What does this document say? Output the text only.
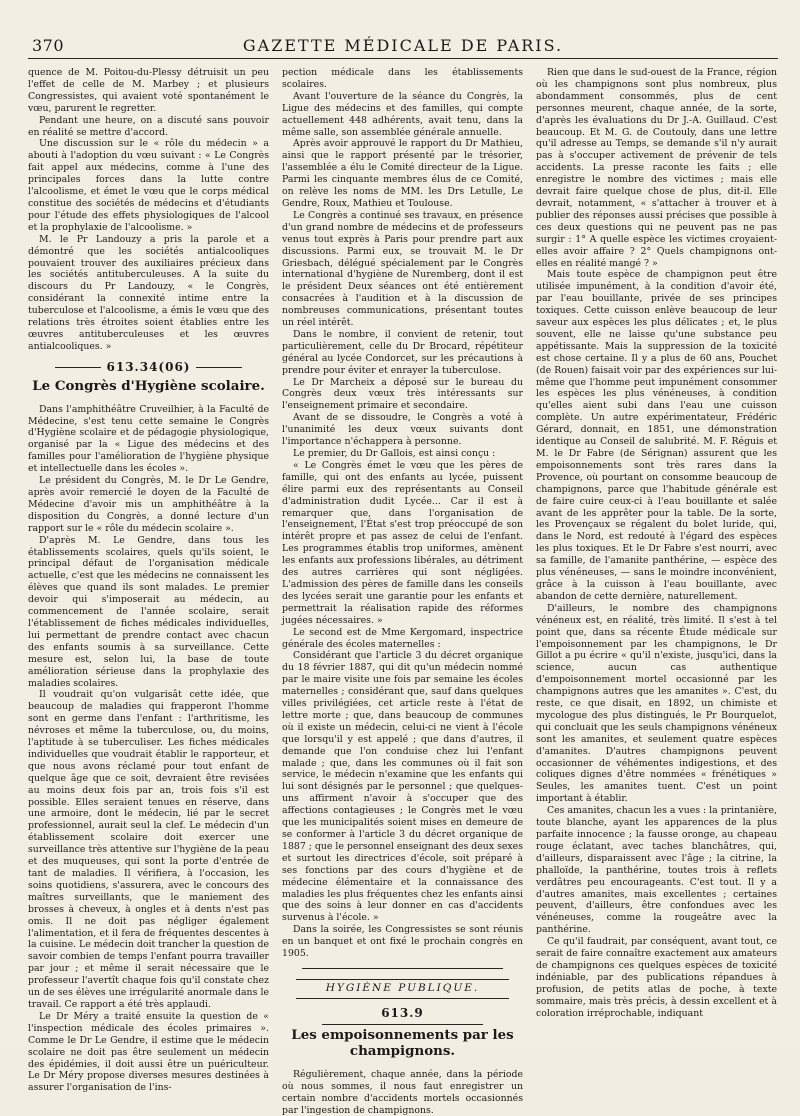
370	GAZETTE MÉDICALE DE PARIS.

quence de M. Poitou-du-Plessy détruisit un peu l'effet de celle de M. Marbey ; et plusieurs Congressistes, qui avaient voté spontanément le vœu, parurent le regretter.

Pendant une heure, on a discuté sans pouvoir en réalité se mettre d'accord.

Une discussion sur le « rôle du médecin » a abouti à l'adoption du vœu suivant : « Le Congrès fait appel aux médecins, comme à l'une des principales forces dans la lutte contre l'alcoolisme, et émet le vœu que le corps médical constitue des sociétés de médecins et d'étudiants pour l'étude des effets physiologiques de l'alcool et la prophylaxie de l'alcoolisme. »

M. le Pr Landouzy a pris la parole et a démontré que les sociétés antialcooliques pouvaient trouver des auxiliaires précieux dans les sociétés antituberculeuses. A la suite du discours du Pr Landouzy, « le Congrès, considérant la connexité intime entre la tuberculose et l'alcoolisme, a émis le vœu que des relations très étroites soient établies entre les œuvres antituberculeuses et les œuvres antialcooliques. »

613.34(06)
Le Congrès d'Hygiène scolaire.

Dans l'amphithéâtre Cruveilhier, à la Faculté de Médecine, s'est tenu cette semaine le Congrès d'Hygiène scolaire et de pédagogie physiologique, organisé par la « Ligue des médecins et des familles pour l'amélioration de l'hygiène physique et intellectuelle dans les écoles ».

Le président du Congrès, M. le Dr Le Gendre, après avoir remercié le doyen de la Faculté de Médecine d'avoir mis un amphithéâtre à la disposition du Congrès, a donné lecture d'un rapport sur le « rôle du médecin scolaire ».

D'après M. Le Gendre, dans tous les établissements scolaires, quels qu'ils soient, le principal défaut de l'organisation médicale actuelle, c'est que les médecins ne connaissent les élèves que quand ils sont malades. Le premier devoir qui s'imposerait au médecin, au commencement de l'année scolaire, serait l'établissement de fiches médicales individuelles, lui permettant de prendre contact avec chacun des enfants soumis à sa surveillance. Cette mesure est, selon lui, la base de toute amélioration sérieuse dans la prophylaxie des maladies scolaires.

Il voudrait qu'on vulgarisât cette idée, que beaucoup de maladies qui frapperont l'homme sont en germe dans l'enfant : l'arthritisme, les névroses et même la tuberculose, ou, du moins, l'aptitude à se tuberculiser. Les fiches médicales individuelles que voudrait établir le rapporteur, et que nous avons réclamé pour tout enfant de quelque âge que ce soit, devraient être revisées au moins deux fois par an, trois fois s'il est possible. Elles seraient tenues en réserve, dans une armoire, dont le médecin, lié par le secret professionnel, aurait seul la clef. Le médecin d'un établissement scolaire doit exercer une surveillance très attentive sur l'hygiène de la peau et des muqueuses, qui sont la porte d'entrée de tant de maladies. Il vérifiera, à l'occasion, les soins quotidiens, s'assurera, avec le concours des maîtres surveillants, que le maniement des brosses à cheveux, à ongles et à dents n'est pas omis. Il ne doit pas négliger également l'alimentation, et il fera de fréquentes descentes à la cuisine. Le médecin doit trancher la question de savoir combien de temps l'enfant pourra travailler par jour ; et même il serait nécessaire que le professeur l'avertît chaque fois qu'il constate chez un de ses élèves une irrégularité anormale dans le travail. Ce rapport a été très applaudi.

Le Dr Méry a traité ensuite la question de « l'inspection médicale des écoles primaires ». Comme le Dr Le Gendre, il estime que le médecin scolaire ne doit pas être seulement un médecin des épidémies, il doit aussi être un puériculteur. Le Dr Méry propose diverses mesures destinées à assurer l'organisation de l'ins-

pection médicale dans les établissements scolaires.

Avant l'ouverture de la séance du Congrès, la Ligue des médecins et des familles, qui compte actuellement 448 adhérents, avait tenu, dans la même salle, son assemblée générale annuelle.

Après avoir approuvé le rapport du Dr Mathieu, ainsi que le rapport présenté par le trésorier, l'assemblée a élu le Comité directeur de la Ligue. Parmi les cinquante membres élus de ce Comité, on relève les noms de MM. les Drs Letulle, Le Gendre, Roux, Mathieu et Toulouse.

Le Congrès a continué ses travaux, en présence d'un grand nombre de médecins et de professeurs venus tout exprès à Paris pour prendre part aux discussions. Parmi eux, se trouvait M. le Dr Griesbach, délégué spécialement par le Congrès international d'hygiène de Nuremberg, dont il est le président Deux séances ont été entièrement consacrées à l'audition et à la discussion de nombreuses communications, présentant toutes un réel intérêt.

Dans le nombre, il convient de retenir, tout particulièrement, celle du Dr Brocard, répétiteur général au lycée Condorcet, sur les précautions à prendre pour éviter et enrayer la tuberculose.

Le Dr Marcheix a déposé sur le bureau du Congrès deux vœux très intéressants sur l'enseignement primaire et secondaire.

Avant de se dissoudre, le Congrès a voté à l'unanimité les deux vœux suivants dont l'importance n'échappera à personne.

Le premier, du Dr Gallois, est ainsi conçu :

« Le Congrès émet le vœu que les pères de famille, qui ont des enfants au lycée, puissent élire parmi eux des représentants au Conseil d'administration dudit Lycée... Car il est à remarquer que, dans l'organisation de l'enseignement, l'État s'est trop préoccupé de son intérêt propre et pas assez de celui de l'enfant. Les programmes établis trop uniformes, amènent les enfants aux professions libérales, au détriment des autres carrières qui sont négligées. L'admission des pères de famille dans les conseils des lycées serait une garantie pour les enfants et permettrait la réalisation rapide des réformes jugées nécessaires. »

Le second est de Mme Kergomard, inspectrice générale des écoles maternelles :

Considérant que l'article 3 du décret organique du 18 février 1887, qui dit qu'un médecin nommé par le maire visite une fois par semaine les écoles maternelles ; considérant que, sauf dans quelques villes privilégiées, cet article reste à l'état de lettre morte ; que, dans beaucoup de communes où il existe un médecin, celui-ci ne vient à l'école que lorsqu'il y est appelé ; que dans d'autres, il demande que l'on conduise chez lui l'enfant malade ; que, dans les communes où il fait son service, le médecin n'examine que les enfants qui lui sont désignés par le personnel ; que quelques-uns affirment n'avoir à s'occuper que des affections contagieuses ; le Congrès met le vœu que les municipalités soient mises en demeure de se conformer à l'article 3 du décret organique de 1887 ; que le personnel enseignant des deux sexes et surtout les directrices d'école, soit préparé à ses fonctions par des cours d'hygiène et de médecine élémentaire et la connaissance des maladies les plus fréquentes chez les enfants ainsi que des soins à leur donner en cas d'accidents survenus à l'école. »

Dans la soirée, les Congressistes se sont réunis en un banquet et ont fixé le prochain congrès en 1905.

HYGIÈNE PUBLIQUE.
613.9
Les empoisonnements par les champignons.

Régulièrement, chaque année, dans la période où nous sommes, il nous faut enregistrer un certain nombre d'accidents mortels occasionnés par l'ingestion de champignons.

Rien que dans le sud-ouest de la France, région où les champignons sont plus nombreux, plus abondamment consommés, plus de cent personnes meurent, chaque année, de la sorte, d'après les évaluations du Dr J.-A. Guillaud. C'est beaucoup. Et M. G. de Coutouly, dans une lettre qu'il adresse au Temps, se demande s'il n'y aurait pas à s'occuper activement de prévenir de tels accidents. La presse raconte les faits ; elle enregistre le nombre des victimes ; mais elle devrait faire quelque chose de plus, dit-il. Elle devrait, notamment, « s'attacher à trouver et à publier des réponses aussi précises que possible à ces deux questions qui ne peuvent pas ne pas surgir : 1° A quelle espèce les victimes croyaient-elles avoir affaire ? 2° Quels champignons ont-elles en réalité mangé ? »

Mais toute espèce de champignon peut être utilisée impunément, à la condition d'avoir été, par l'eau bouillante, privée de ses principes toxiques. Cette cuisson enlève beaucoup de leur saveur aux espèces les plus délicates ; et, le plus souvent, elle ne laisse qu'une substance peu appétissante. Mais la suppression de la toxicité est chose certaine. Il y a plus de 60 ans, Pouchet (de Rouen) faisait voir par des expériences sur lui-même que l'homme peut impunément consommer les espèces les plus vénéneuses, à condition qu'elles aient subi dans l'eau une cuisson complète. Un autre expérimentateur, Frédéric Gérard, donnait, en 1851, une démonstration identique au Conseil de salubrité. M. F. Réguis et M. le Dr Fabre (de Sérignan) assurent que les empoisonnements sont très rares dans la Provence, où pourtant on consomme beaucoup de champignons, parce que l'habitude générale est de faire cuire ceux-ci à l'eau bouillante et salée avant de les apprêter pour la table. De la sorte, les Provençaux se régalent du bolet luride, qui, dans le Nord, est redouté à l'égard des espèces les plus toxiques. Et le Dr Fabre s'est nourri, avec sa famille, de l'amanite panthérine, — espèce des plus vénéneuses, — sans le moindre inconvénient, grâce à la cuisson à l'eau bouillante, avec abandon de cette dernière, naturellement.

D'ailleurs, le nombre des champignons vénéneux est, en réalité, très limité. Il s'est à tel point que, dans sa récente Étude médicale sur l'empoisonnement par les champignons, le Dr Gillot a pu écrire « qu'il n'existe, jusqu'ici, dans la science, aucun cas authentique d'empoisonnement mortel occasionné par les champignons autres que les amanites ». C'est, du reste, ce que disait, en 1892, un chimiste et mycologue des plus distingués, le Pr Bourquelot, qui concluait que les seuls champignons vénéneux sont les amanites, et seulement quatre espèces d'amanites. D'autres champignons peuvent occasionner de véhémentes indigestions, et des coliques dignes d'être nommées « frénétiques » Seules, les amanites tuent. C'est un point important à établir.

Ces amanites, chacun les a vues : la printanière, toute blanche, ayant les apparences de la plus parfaite innocence ; la fausse oronge, au chapeau rouge éclatant, avec taches blanchâtres, qui, d'ailleurs, disparaissent avec l'âge ; la citrine, la phalloïde, la panthérine, toutes trois à reflets verdâtres peu encourageants. C'est tout. Il y a d'autres amanites, mais excellentes ; certaines peuvent, d'ailleurs, être confondues avec les vénéneuses, comme la rougeâtre avec la panthérine.

Ce qu'il faudrait, par conséquent, avant tout, ce serait de faire connaître exactement aux amateurs de champignons ces quelques espèces de toxicité indéniable, par des publications répandues à profusion, de petits atlas de poche, à texte sommaire, mais très précis, à dessin excellent et à coloration irréprochable, indiquant
